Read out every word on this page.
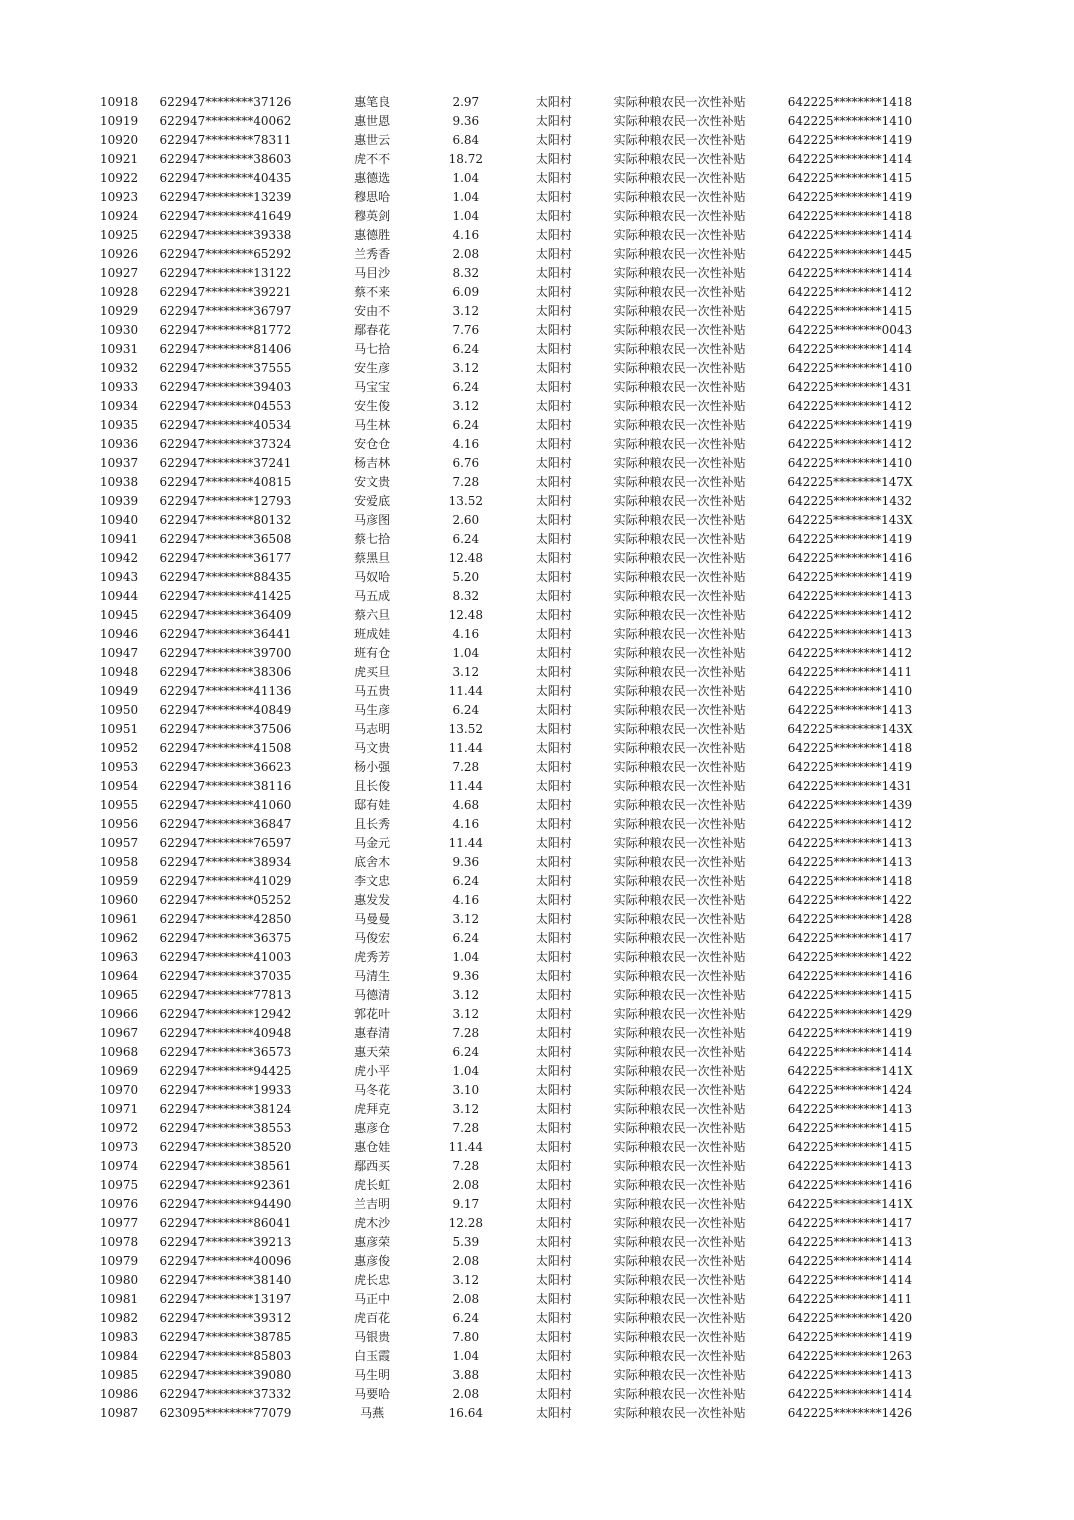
10918	622947********37126	惠笔良	2.97	太阳村	实际种粮农民一次性补贴	642225********1418
10919	622947********40062	惠世恩	9.36	太阳村	实际种粮农民一次性补贴	642225********1410
10920	622947********78311	惠世云	6.84	太阳村	实际种粮农民一次性补贴	642225********1419
10921	622947********38603	虎不不	18.72	太阳村	实际种粮农民一次性补贴	642225********1414
10922	622947********40435	惠德选	1.04	太阳村	实际种粮农民一次性补贴	642225********1415
10923	622947********13239	穆思哈	1.04	太阳村	实际种粮农民一次性补贴	642225********1419
10924	622947********41649	穆英剑	1.04	太阳村	实际种粮农民一次性补贴	642225********1418
10925	622947********39338	惠德胜	4.16	太阳村	实际种粮农民一次性补贴	642225********1414
10926	622947********65292	兰秀香	2.08	太阳村	实际种粮农民一次性补贴	642225********1445
10927	622947********13122	马目沙	8.32	太阳村	实际种粮农民一次性补贴	642225********1414
10928	622947********39221	蔡不来	6.09	太阳村	实际种粮农民一次性补贴	642225********1412
10929	622947********36797	安由不	3.12	太阳村	实际种粮农民一次性补贴	642225********1415
10930	622947********81772	鄢春花	7.76	太阳村	实际种粮农民一次性补贴	642225********0043
10931	622947********81406	马七拾	6.24	太阳村	实际种粮农民一次性补贴	642225********1414
10932	622947********37555	安生彦	3.12	太阳村	实际种粮农民一次性补贴	642225********1410
10933	622947********39403	马宝宝	6.24	太阳村	实际种粮农民一次性补贴	642225********1431
10934	622947********04553	安生俊	3.12	太阳村	实际种粮农民一次性补贴	642225********1412
10935	622947********40534	马生林	6.24	太阳村	实际种粮农民一次性补贴	642225********1419
10936	622947********37324	安仓仓	4.16	太阳村	实际种粮农民一次性补贴	642225********1412
10937	622947********37241	杨吉林	6.76	太阳村	实际种粮农民一次性补贴	642225********1410
10938	622947********40815	安文贵	7.28	太阳村	实际种粮农民一次性补贴	642225********147X
10939	622947********12793	安爱底	13.52	太阳村	实际种粮农民一次性补贴	642225********1432
10940	622947********80132	马彦图	2.60	太阳村	实际种粮农民一次性补贴	642225********143X
10941	622947********36508	蔡七拾	6.24	太阳村	实际种粮农民一次性补贴	642225********1419
10942	622947********36177	蔡黑旦	12.48	太阳村	实际种粮农民一次性补贴	642225********1416
10943	622947********88435	马奴哈	5.20	太阳村	实际种粮农民一次性补贴	642225********1419
10944	622947********41425	马五成	8.32	太阳村	实际种粮农民一次性补贴	642225********1413
10945	622947********36409	蔡六旦	12.48	太阳村	实际种粮农民一次性补贴	642225********1412
10946	622947********36441	班成娃	4.16	太阳村	实际种粮农民一次性补贴	642225********1413
10947	622947********39700	班有仓	1.04	太阳村	实际种粮农民一次性补贴	642225********1412
10948	622947********38306	虎买旦	3.12	太阳村	实际种粮农民一次性补贴	642225********1411
10949	622947********41136	马五贵	11.44	太阳村	实际种粮农民一次性补贴	642225********1410
10950	622947********40849	马生彦	6.24	太阳村	实际种粮农民一次性补贴	642225********1413
10951	622947********37506	马志明	13.52	太阳村	实际种粮农民一次性补贴	642225********143X
10952	622947********41508	马文贵	11.44	太阳村	实际种粮农民一次性补贴	642225********1418
10953	622947********36623	杨小强	7.28	太阳村	实际种粮农民一次性补贴	642225********1419
10954	622947********38116	且长俊	11.44	太阳村	实际种粮农民一次性补贴	642225********1431
10955	622947********41060	邸有娃	4.68	太阳村	实际种粮农民一次性补贴	642225********1439
10956	622947********36847	且长秀	4.16	太阳村	实际种粮农民一次性补贴	642225********1412
10957	622947********76597	马金元	11.44	太阳村	实际种粮农民一次性补贴	642225********1413
10958	622947********38934	底舍木	9.36	太阳村	实际种粮农民一次性补贴	642225********1413
10959	622947********41029	李文忠	6.24	太阳村	实际种粮农民一次性补贴	642225********1418
10960	622947********05252	惠发发	4.16	太阳村	实际种粮农民一次性补贴	642225********1422
10961	622947********42850	马曼曼	3.12	太阳村	实际种粮农民一次性补贴	642225********1428
10962	622947********36375	马俊宏	6.24	太阳村	实际种粮农民一次性补贴	642225********1417
10963	622947********41003	虎秀芳	1.04	太阳村	实际种粮农民一次性补贴	642225********1422
10964	622947********37035	马清生	9.36	太阳村	实际种粮农民一次性补贴	642225********1416
10965	622947********77813	马德清	3.12	太阳村	实际种粮农民一次性补贴	642225********1415
10966	622947********12942	郭花叶	3.12	太阳村	实际种粮农民一次性补贴	642225********1429
10967	622947********40948	惠春清	7.28	太阳村	实际种粮农民一次性补贴	642225********1419
10968	622947********36573	惠天荣	6.24	太阳村	实际种粮农民一次性补贴	642225********1414
10969	622947********94425	虎小平	1.04	太阳村	实际种粮农民一次性补贴	642225********141X
10970	622947********19933	马冬花	3.10	太阳村	实际种粮农民一次性补贴	642225********1424
10971	622947********38124	虎拜克	3.12	太阳村	实际种粮农民一次性补贴	642225********1413
10972	622947********38553	惠彦仓	7.28	太阳村	实际种粮农民一次性补贴	642225********1415
10973	622947********38520	惠仓娃	11.44	太阳村	实际种粮农民一次性补贴	642225********1415
10974	622947********38561	鄢西买	7.28	太阳村	实际种粮农民一次性补贴	642225********1413
10975	622947********92361	虎长虹	2.08	太阳村	实际种粮农民一次性补贴	642225********1416
10976	622947********94490	兰吉明	9.17	太阳村	实际种粮农民一次性补贴	642225********141X
10977	622947********86041	虎木沙	12.28	太阳村	实际种粮农民一次性补贴	642225********1417
10978	622947********39213	惠彦荣	5.39	太阳村	实际种粮农民一次性补贴	642225********1413
10979	622947********40096	惠彦俊	2.08	太阳村	实际种粮农民一次性补贴	642225********1414
10980	622947********38140	虎长忠	3.12	太阳村	实际种粮农民一次性补贴	642225********1414
10981	622947********13197	马正中	2.08	太阳村	实际种粮农民一次性补贴	642225********1411
10982	622947********39312	虎百花	6.24	太阳村	实际种粮农民一次性补贴	642225********1420
10983	622947********38785	马银贵	7.80	太阳村	实际种粮农民一次性补贴	642225********1419
10984	622947********85803	白玉霞	1.04	太阳村	实际种粮农民一次性补贴	642225********1263
10985	622947********39080	马生明	3.88	太阳村	实际种粮农民一次性补贴	642225********1413
10986	622947********37332	马要哈	2.08	太阳村	实际种粮农民一次性补贴	642225********1414
10987	623095********77079	马燕	16.64	太阳村	实际种粮农民一次性补贴	642225********1426
